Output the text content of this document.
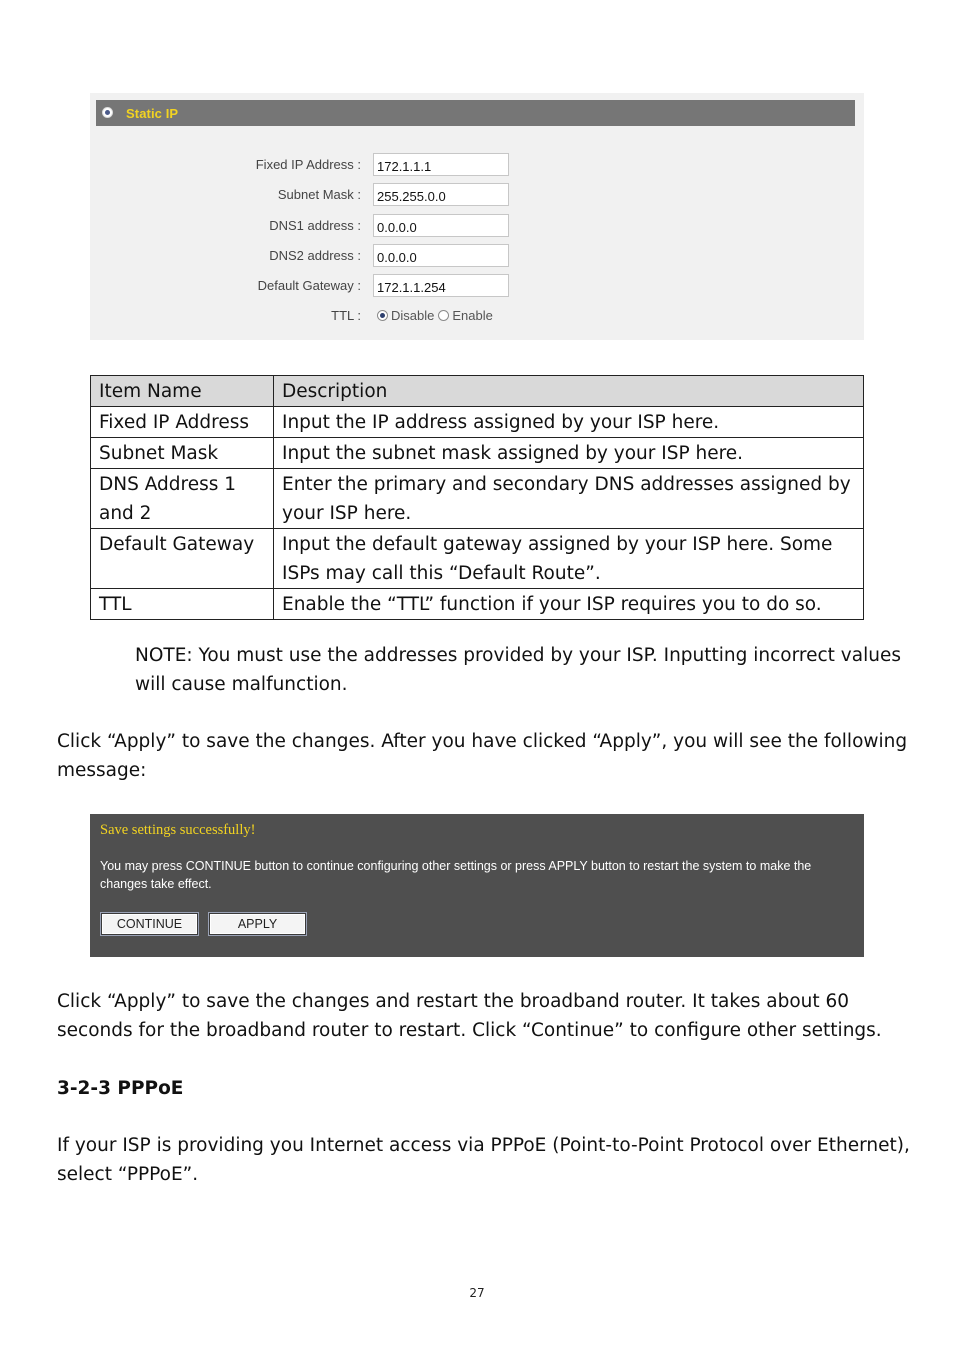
Static IP
Fixed IP Address :
172.1.1.1
Subnet Mask :
255.255.0.0
DNS1 address :
0.0.0.0
DNS2 address :
0.0.0.0
Default Gateway :
172.1.1.254
TTL :	Disable Enable
Item Name	Description
Fixed IP Address	Input the IP address assigned by your ISP here.
Subnet Mask	Input the subnet mask assigned by your ISP here.
DNS Address 1 and 2	Enter the primary and secondary DNS addresses assigned by your ISP here.
Default Gateway	Input the default gateway assigned by your ISP here. Some ISPs may call this “Default Route”.
TTL	Enable the “TTL” function if your ISP requires you to do so.

NOTE: You must use the addresses provided by your ISP. Inputting incorrect values will cause malfunction.

Click “Apply” to save the changes. After you have clicked “Apply”, you will see the following message:

Save settings successfully!
You may press CONTINUE button to continue configuring other settings or press APPLY button to restart the system to make the changes take effect.
CONTINUE	APPLY

Click “Apply” to save the changes and restart the broadband router. It takes about 60 seconds for the broadband router to restart. Click “Continue” to configure other settings.

3-2-3 PPPoE

If your ISP is providing you Internet access via PPPoE (Point-to-Point Protocol over Ethernet), select “PPPoE”.

27
